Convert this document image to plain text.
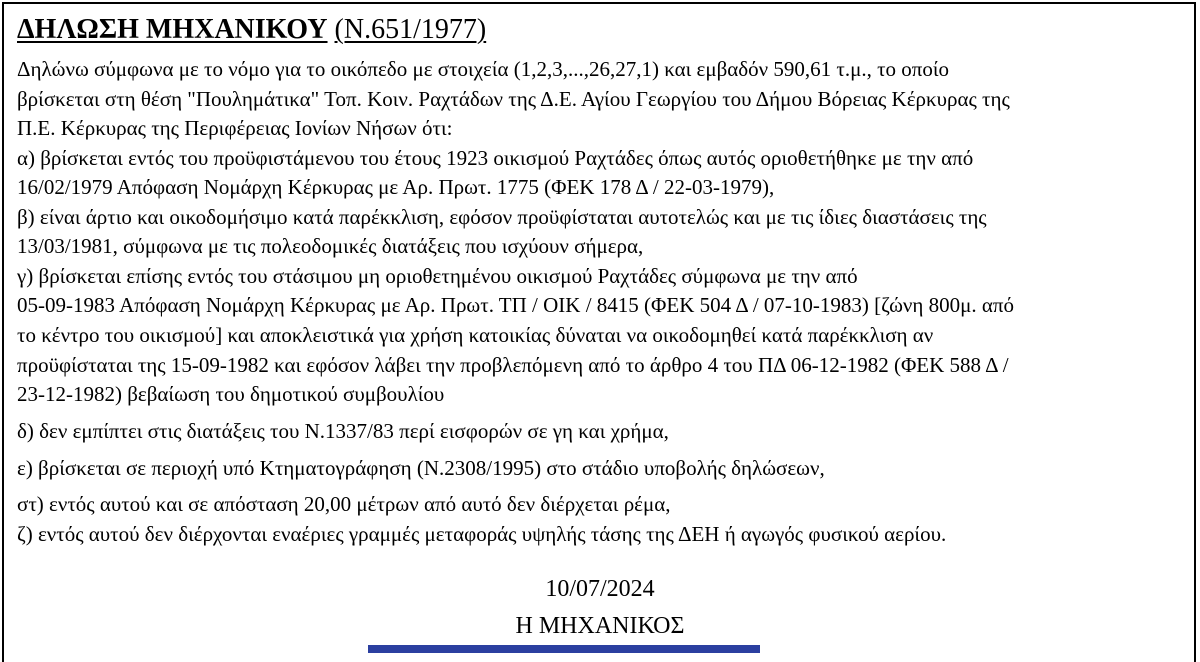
ΔΗΛΩΣΗ ΜΗΧΑΝΙΚΟΥ (Ν.651/1977)
Δηλώνω σύμφωνα με το νόμο για το οικόπεδο με στοιχεία (1,2,3,...,26,27,1) και εμβαδόν 590,61 τ.μ., το οποίο
βρίσκεται στη θέση "Πουλημάτικα" Τοπ. Κοιν. Ραχτάδων της Δ.Ε. Αγίου Γεωργίου του Δήμου Βόρειας Κέρκυρας της
Π.Ε. Κέρκυρας της Περιφέρειας Ιονίων Νήσων ότι:
α) βρίσκεται εντός του προϋφιστάμενου του έτους 1923 οικισμού Ραχτάδες όπως αυτός οριοθετήθηκε με την από
16/02/1979 Απόφαση Νομάρχη Κέρκυρας με Αρ. Πρωτ. 1775 (ΦΕΚ 178 Δ / 22-03-1979),
β) είναι άρτιο και οικοδομήσιμο κατά παρέκκλιση, εφόσον προϋφίσταται αυτοτελώς και με τις ίδιες διαστάσεις της
13/03/1981, σύμφωνα με τις πολεοδομικές διατάξεις που ισχύουν σήμερα,
γ) βρίσκεται επίσης εντός του στάσιμου μη οριοθετημένου οικισμού Ραχτάδες σύμφωνα με την από
05-09-1983 Απόφαση Νομάρχη Κέρκυρας με Αρ. Πρωτ. ΤΠ / ΟΙΚ / 8415 (ΦΕΚ 504 Δ / 07-10-1983) [ζώνη 800μ. από
το κέντρο του οικισμού] και αποκλειστικά για χρήση κατοικίας δύναται να οικοδομηθεί κατά παρέκκλιση αν
προϋφίσταται της 15-09-1982 και εφόσον λάβει την προβλεπόμενη από το άρθρο 4 του ΠΔ 06-12-1982 (ΦΕΚ 588 Δ /
23-12-1982) βεβαίωση του δημοτικού συμβουλίου
δ) δεν εμπίπτει στις διατάξεις του Ν.1337/83 περί εισφορών σε γη και χρήμα,
ε) βρίσκεται σε περιοχή υπό Κτηματογράφηση (Ν.2308/1995) στο στάδιο υποβολής δηλώσεων,
στ) εντός αυτού και σε απόσταση 20,00 μέτρων από αυτό δεν διέρχεται ρέμα,
ζ) εντός αυτού δεν διέρχονται εναέριες γραμμές μεταφοράς υψηλής τάσης της ΔΕΗ ή αγωγός φυσικού αερίου.
10/07/2024
Η ΜΗΧΑΝΙΚΟΣ
